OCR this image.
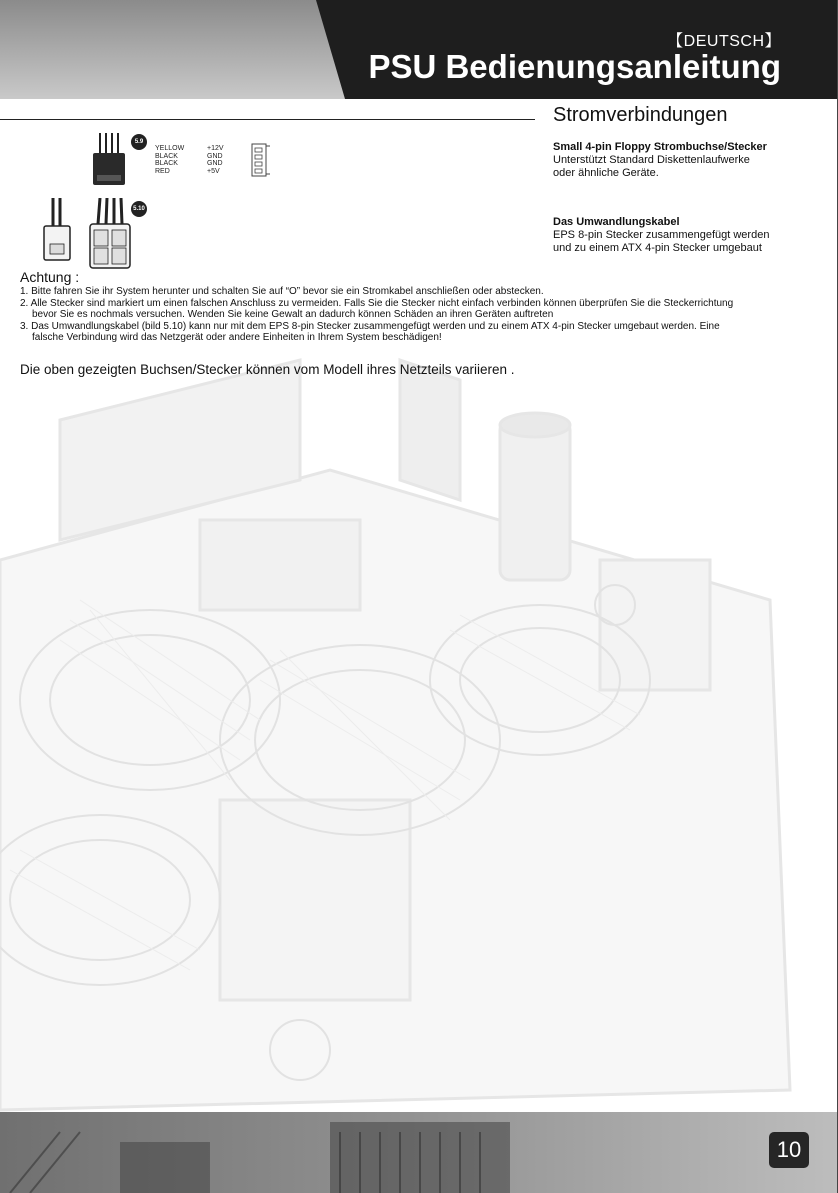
【DEUTSCH】
PSU Bedienungsanleitung
Stromverbindungen
5.9
YELLOW	+12V
BLACK	GND
BLACK	GND
RED	+5V
5.10
Small 4-pin Floppy Strombuchse/Stecker
Unterstützt Standard Diskettenlaufwerke
oder ähnliche Geräte.
Das Umwandlungskabel
EPS 8-pin Stecker zusammengefügt werden
und zu einem ATX 4-pin Stecker umgebaut
Achtung :
1. Bitte fahren Sie ihr System herunter und schalten Sie auf “O” bevor sie ein Stromkabel anschließen oder abstecken.
2. Alle Stecker sind markiert um einen falschen Anschluss zu vermeiden. Falls Sie die Stecker nicht einfach verbinden können überprüfen Sie die Steckerrichtung
bevor Sie es nochmals versuchen. Wenden Sie keine Gewalt an dadurch können Schäden an ihren Geräten auftreten
3. Das Umwandlungskabel (bild 5.10) kann nur mit dem EPS 8-pin Stecker zusammengefügt werden und zu einem ATX 4-pin Stecker umgebaut werden. Eine
falsche Verbindung wird das Netzgerät oder andere Einheiten in Ihrem System beschädigen!
Die oben gezeigten Buchsen/Stecker können vom Modell ihres Netzteils variieren .
10
